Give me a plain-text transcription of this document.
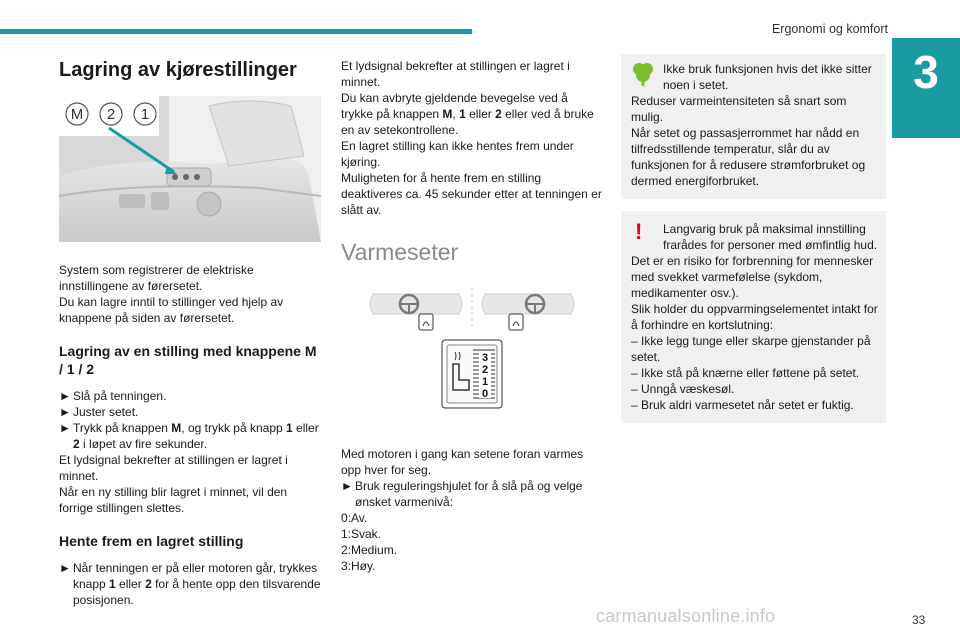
Ergonomi og komfort
3
Lagring av kjørestillinger
M 2 1

System som registrerer de elektriske innstillingene av førersetet.

Du kan lagre inntil to stillinger ved hjelp av knappene på siden av førersetet.

Lagring av en stilling med knappene M / 1 / 2

► Slå på tenningen.

► Juster setet.

► Trykk på knappen M, og trykk på knapp 1 eller 2 i løpet av fire sekunder.

Et lydsignal bekrefter at stillingen er lagret i minnet.

Når en ny stilling blir lagret i minnet, vil den forrige stillingen slettes.

Hente frem en lagret stilling

► Når tenningen er på eller motoren går, trykkes knapp 1 eller 2 for å hente opp den tilsvarende posisjonen.

Et lydsignal bekrefter at stillingen er lagret i minnet.

Du kan avbryte gjeldende bevegelse ved å trykke på knappen M, 1 eller 2 eller ved å bruke en av setekontrollene.

En lagret stilling kan ikke hentes frem under kjøring.

Muligheten for å hente frem en stilling deaktiveres ca. 45 sekunder etter at tenningen er slått av.

Varmeseter
3
2
1
0

Med motoren i gang kan setene foran varmes opp hver for seg.

► Bruk reguleringshjulet for å slå på og velge ønsket varmenivå:

0:Av.

1:Svak.

2:Medium.

3:Høy.

Ikke bruk funksjonen hvis det ikke sitter noen i setet.

Reduser varmeintensiteten så snart som mulig.

Når setet og passasjerrommet har nådd en tilfredsstillende temperatur, slår du av funksjonen for å redusere strømforbruket og dermed energiforbruket.

!	Langvarig bruk på maksimal innstilling frarådes for personer med ømfintlig hud.

Det er en risiko for forbrenning for mennesker med svekket varmefølelse (sykdom, medikamenter osv.).

Slik holder du oppvarmingselementet intakt for å forhindre en kortslutning:

– Ikke legg tunge eller skarpe gjenstander på setet.

– Ikke stå på knærne eller føttene på setet.

– Unngå væskesøl.

– Bruk aldri varmesetet når setet er fuktig.

carmanualsonline.info	33
